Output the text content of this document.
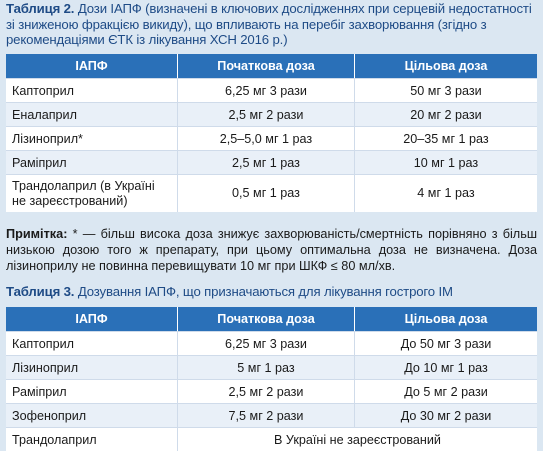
Таблиця 2. Дози ІАПФ (визначені в ключових дослідженнях при серцевій недостатності зі зниженою фракцією викиду), що впливають на перебіг захворювання (згідно з рекомендаціями ЄТК із лікування ХСН 2016 р.)
ІАПФ	Початкова доза	Цільова доза
Каптоприл	6,25 мг 3 рази	50 мг 3 рази
Еналаприл	2,5 мг 2 рази	20 мг 2 рази
Лізиноприл*	2,5–5,0 мг 1 раз	20–35 мг 1 раз
Раміприл	2,5 мг 1 раз	10 мг 1 раз
Трандолаприл (в Україні не зареєстрований)	0,5 мг 1 раз	4 мг 1 раз
Примітка: * — більш висока доза знижує захворюваність/смертність порівняно з більш низькою дозою того ж препарату, при цьому оптимальна доза не визначена. Доза лізиноприлу не повинна перевищувати 10 мг при ШКФ ≤ 80 мл/хв.
Таблиця 3. Дозування ІАПФ, що призначаються для лікування гострого ІМ
ІАПФ	Початкова доза	Цільова доза
Каптоприл	6,25 мг 3 рази	До 50 мг 3 рази
Лізиноприл	5 мг 1 раз	До 10 мг 1 раз
Раміприл	2,5 мг 2 рази	До 5 мг 2 рази
Зофеноприл	7,5 мг 2 рази	До 30 мг 2 рази
Трандолаприл	В Україні не зареєстрований	
